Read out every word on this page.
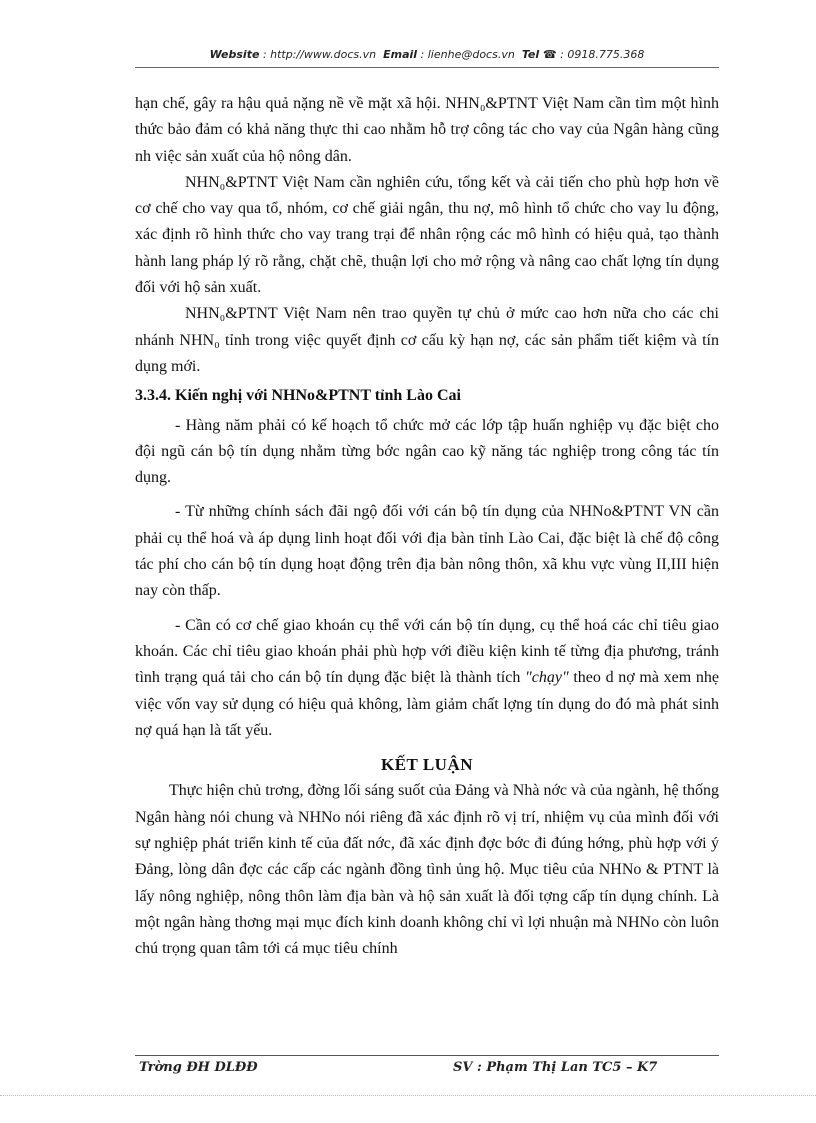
Website : http://www.docs.vn Email : lienhe@docs.vn Tel ☎ : 0918.775.368

hạn chế, gây ra hậu quả nặng nề về mặt xã hội. NHN₀&PTNT Việt Nam cần tìm một hình thức bảo đảm có khả năng thực thi cao nhằm hỗ trợ công tác cho vay của Ngân hàng cũng nh việc sản xuất của hộ nông dân.

NHN₀&PTNT Việt Nam cần nghiên cứu, tổng kết và cải tiến cho phù hợp hơn về cơ chế cho vay qua tổ, nhóm, cơ chế giải ngân, thu nợ, mô hình tổ chức cho vay lu động, xác định rõ hình thức cho vay trang trại để nhân rộng các mô hình có hiệu quả, tạo thành hành lang pháp lý rõ rằng, chặt chẽ, thuận lợi cho mở rộng và nâng cao chất lợng tín dụng đối với hộ sản xuất.

NHN₀&PTNT Việt Nam nên trao quyền tự chủ ở mức cao hơn nữa cho các chi nhánh NHN₀ tỉnh trong việc quyết định cơ cấu kỳ hạn nợ, các sản phẩm tiết kiệm và tín dụng mới.

3.3.4. Kiến nghị với NHNo&PTNT tỉnh Lào Cai

- Hàng năm phải có kế hoạch tổ chức mở các lớp tập huấn nghiệp vụ đặc biệt cho đội ngũ cán bộ tín dụng nhằm từng bớc ngân cao kỹ năng tác nghiệp trong công tác tín dụng.

- Từ những chính sách đãi ngộ đối với cán bộ tín dụng của NHNo&PTNT VN cần phải cụ thể hoá và áp dụng linh hoạt đối với địa bàn tỉnh Lào Cai, đặc biệt là chế độ công tác phí cho cán bộ tín dụng hoạt động trên địa bàn nông thôn, xã khu vực vùng II,III hiện nay còn thấp.

- Cần có cơ chế giao khoán cụ thể với cán bộ tín dụng, cụ thể hoá các chỉ tiêu giao khoán. Các chỉ tiêu giao khoán phải phù hợp với điều kiện kinh tế từng địa phương, tránh tình trạng quá tải cho cán bộ tín dụng đặc biệt là thành tích "chạy" theo d nợ mà xem nhẹ việc vốn vay sử dụng có hiệu quả không, làm giảm chất lợng tín dụng do đó mà phát sinh nợ quá hạn là tất yếu.

KẾT LUẬN

Thực hiện chủ trơng, đờng lối sáng suốt của Đảng và Nhà nớc và của ngành, hệ thống Ngân hàng nói chung và NHNo nói riêng đã xác định rõ vị trí, nhiệm vụ của mình đối với sự nghiệp phát triển kinh tế của đất nớc, đã xác định đợc bớc đi đúng hớng, phù hợp với ý Đảng, lòng dân đợc các cấp các ngành đồng tình ủng hộ. Mục tiêu của NHNo & PTNT là lấy nông nghiệp, nông thôn làm địa bàn và hộ sản xuất là đối tợng cấp tín dụng chính. Là một ngân hàng thơng mại mục đích kinh doanh không chỉ vì lợi nhuận mà NHNo còn luôn chú trọng quan tâm tới cá mục tiêu chính

Trờng ĐH DLĐĐ	SV : Phạm Thị Lan TC5 – K7
